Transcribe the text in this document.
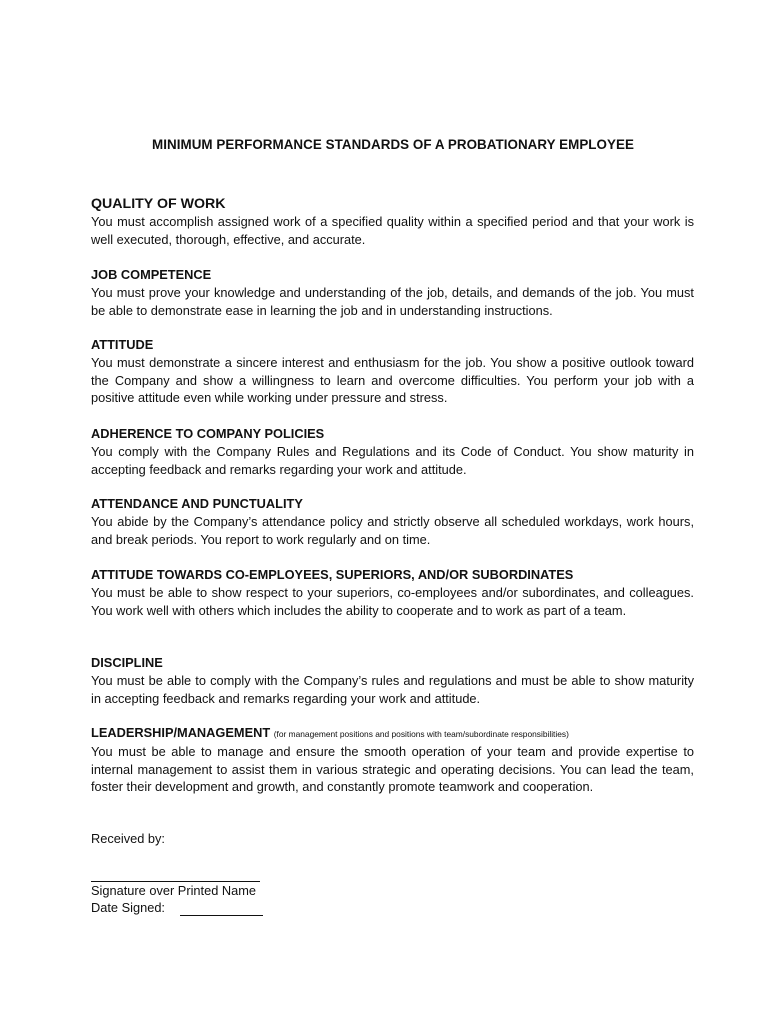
MINIMUM PERFORMANCE STANDARDS OF A PROBATIONARY EMPLOYEE

QUALITY OF WORK

You must accomplish assigned work of a specified quality within a specified period and that your work is well executed, thorough, effective, and accurate.

JOB COMPETENCE

You must prove your knowledge and understanding of the job, details, and demands of the job. You must be able to demonstrate ease in learning the job and in understanding instructions.

ATTITUDE

You must demonstrate a sincere interest and enthusiasm for the job. You show a positive outlook toward the Company and show a willingness to learn and overcome difficulties. You perform your job with a positive attitude even while working under pressure and stress.

ADHERENCE TO COMPANY POLICIES

You comply with the Company Rules and Regulations and its Code of Conduct. You show maturity in accepting feedback and remarks regarding your work and attitude.

ATTENDANCE AND PUNCTUALITY

You abide by the Company’s attendance policy and strictly observe all scheduled workdays, work hours, and break periods. You report to work regularly and on time.

ATTITUDE TOWARDS CO-EMPLOYEES, SUPERIORS, AND/OR SUBORDINATES

You must be able to show respect to your superiors, co-employees and/or subordinates, and colleagues. You work well with others which includes the ability to cooperate and to work as part of a team.

DISCIPLINE

You must be able to comply with the Company’s rules and regulations and must be able to show maturity in accepting feedback and remarks regarding your work and attitude.

LEADERSHIP/MANAGEMENT (for management positions and positions with team/subordinate responsibilities)

You must be able to manage and ensure the smooth operation of your team and provide expertise to internal management to assist them in various strategic and operating decisions. You can lead the team, foster their development and growth, and constantly promote teamwork and cooperation.

Received by:

Signature over Printed Name

Date Signed:
